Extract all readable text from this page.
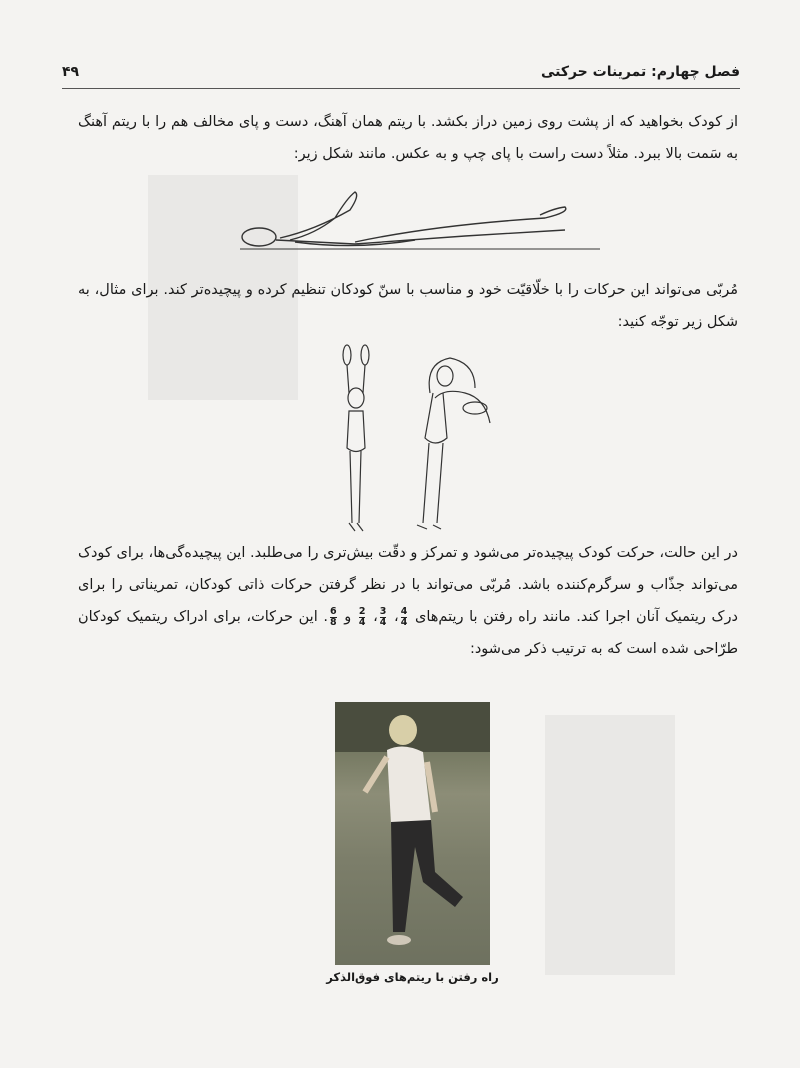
فصل چهارم: تمرینات حرکتی
۴۹
از کودک بخواهید که از پشت روی زمین دراز بکشد. با ریتم همان آهنگ، دست و پای مخالف هم را با ریتم آهنگ به سَمت بالا ببرد. مثلاً دست راست با پای چپ و به عکس. مانند شکل زیر:
مُربّی می‌تواند این حرکات را با خلّاقیّت خود و مناسب با سنّ کودکان تنظیم کرده و پیچیده‌تر کند. برای مثال، به شکل زیر توجّه کنید:
در این حالت، حرکت کودک پیچیده‌تر می‌شود و تمرکز و دقّت بیش‌تری را می‌طلبد. این پیچیده‌گی‌ها، برای کودک می‌تواند جذّاب و سرگرم‌کننده باشد. مُربّی می‌تواند با در نظر گرفتن حرکات ذاتی کودکان، تمریناتی را برای درک ریتمیک آنان اجرا کند. مانند راه رفتن با ریتم‌های
$\frac{4}{4}$
،
$\frac{3}{4}$
،
$\frac{2}{4}$
و
$\frac{6}{8}$
. این حرکات، برای ادراک ریتمیک کودکان طرّاحی شده است که به ترتیب ذکر می‌شود:
راه رفتن با ریتم‌های فوق‌الذکر
